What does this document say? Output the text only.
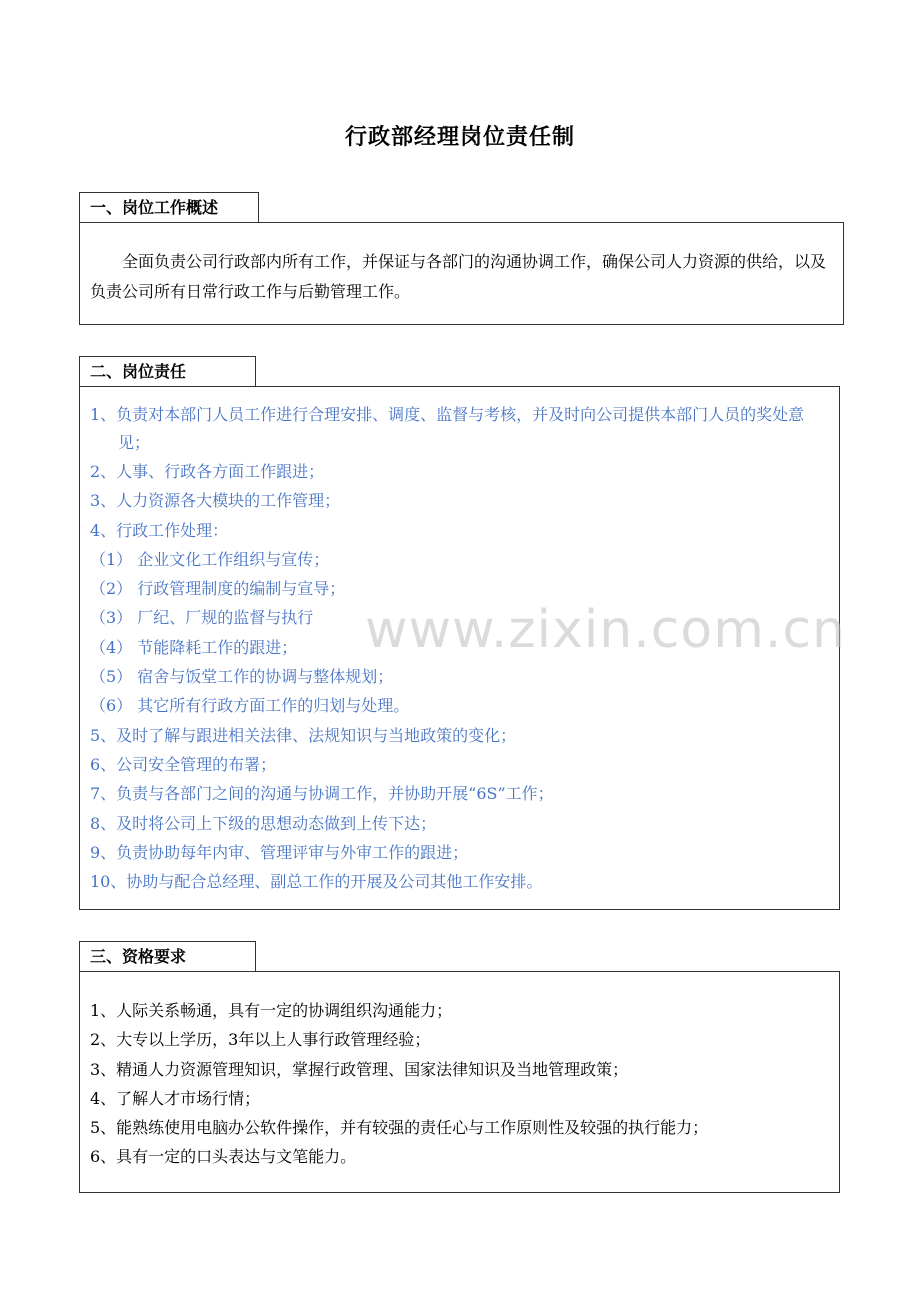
行政部经理岗位责任制
一、岗位工作概述
全面负责公司行政部内所有工作，并保证与各部门的沟通协调工作，确保公司人力资源的供给，以及负责公司所有日常行政工作与后勤管理工作。
二、岗位责任
1、负责对本部门人员工作进行合理安排、调度、监督与考核，并及时向公司提供本部门人员的奖处意见；
2、人事、行政各方面工作跟进；
3、人力资源各大模块的工作管理；
4、行政工作处理：
（1） 企业文化工作组织与宣传；
（2） 行政管理制度的编制与宣导；
（3） 厂纪、厂规的监督与执行
（4） 节能降耗工作的跟进；
（5） 宿舍与饭堂工作的协调与整体规划；
（6） 其它所有行政方面工作的归划与处理。
5、及时了解与跟进相关法律、法规知识与当地政策的变化；
6、公司安全管理的布署；
7、负责与各部门之间的沟通与协调工作，并协助开展“6S”工作；
8、及时将公司上下级的思想动态做到上传下达；
9、负责协助每年内审、管理评审与外审工作的跟进；
10、协助与配合总经理、副总工作的开展及公司其他工作安排。
三、资格要求
1、人际关系畅通，具有一定的协调组织沟通能力；
2、大专以上学历，3年以上人事行政管理经验；
3、精通人力资源管理知识，掌握行政管理、国家法律知识及当地管理政策；
4、了解人才市场行情；
5、能熟练使用电脑办公软件操作，并有较强的责任心与工作原则性及较强的执行能力；
6、具有一定的口头表达与文笔能力。
www.zixin.com.cn
